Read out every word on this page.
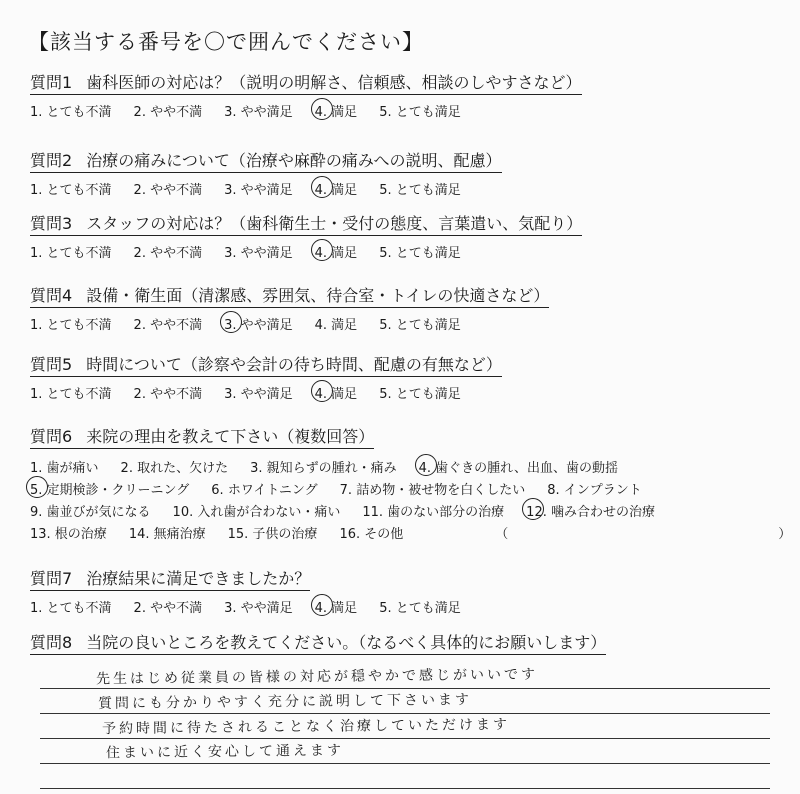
【該当する番号を〇で囲んでください】
質問1 歯科医師の対応は？（説明の明解さ、信頼感、相談のしやすさなど）
1. とても不満 2. やや不満 3. やや満足 4. 満足 5. とても満足
質問2 治療の痛みについて（治療や麻酔の痛みへの説明、配慮）
1. とても不満 2. やや不満 3. やや満足 4. 満足 5. とても満足
質問3 スタッフの対応は？（歯科衛生士・受付の態度、言葉遣い、気配り）
1. とても不満 2. やや不満 3. やや満足 4. 満足 5. とても満足
質問4 設備・衛生面（清潔感、雰囲気、待合室・トイレの快適さなど）
1. とても不満 2. やや不満 3. やや満足 4. 満足 5. とても満足
質問5 時間について（診察や会計の待ち時間、配慮の有無など）
1. とても不満 2. やや不満 3. やや満足 4. 満足 5. とても満足
質問6 来院の理由を教えて下さい（複数回答）
1. 歯が痛い 2. 取れた、欠けた 3. 親知らずの腫れ・痛み 4. 歯ぐきの腫れ、出血、歯の動揺
5. 定期検診・クリーニング 6. ホワイトニング 7. 詰め物・被せ物を白くしたい 8. インプラント
9. 歯並びが気になる 10. 入れ歯が合わない・痛い 11. 歯のない部分の治療 12. 噛み合わせの治療
13. 根の治療 14. 無痛治療 15. 子供の治療 16. その他	（	）
質問7 治療結果に満足できましたか？
1. とても不満 2. やや不満 3. やや満足 4. 満足 5. とても満足
質問8 当院の良いところを教えてください。（なるべく具体的にお願いします）
先生はじめ従業員の皆様の対応が穏やかで感じがいいです
質問にも分かりやすく充分に説明して下さいます
予約時間に待たされることなく治療していただけます
住まいに近く安心して通えます
